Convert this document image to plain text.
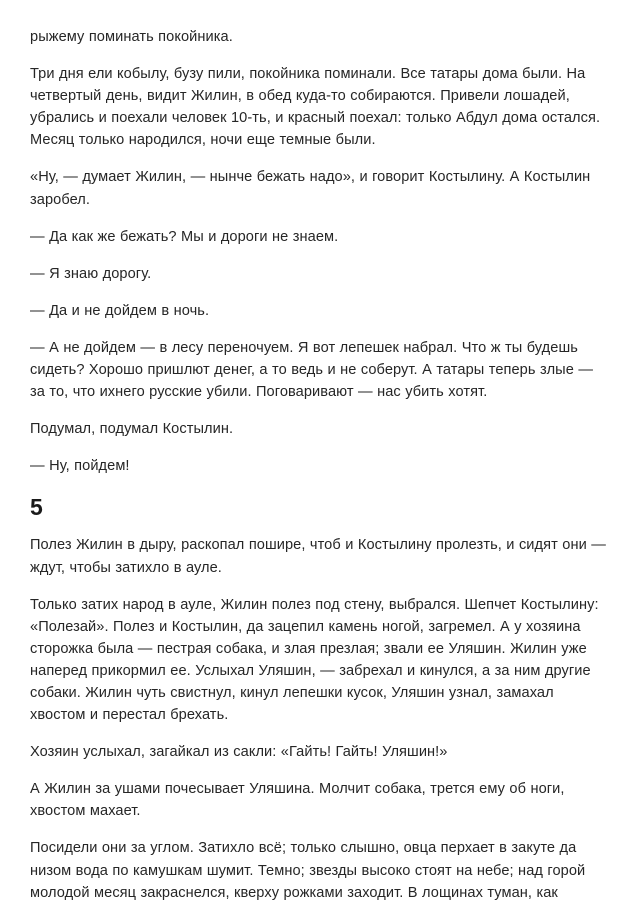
рыжему поминать покойника.

Три дня ели кобылу, бузу пили, покойника поминали. Все татары дома были. На четвертый день, видит Жилин, в обед куда-то собираются. Привели лошадей, убрались и поехали человек 10-ть, и красный поехал: только Абдул дома остался. Месяц только народился, ночи еще темные были.

«Ну, — думает Жилин, — нынче бежать надо», и говорит Костылину. А Костылин заробел.

— Да как же бежать? Мы и дороги не знаем.

— Я знаю дорогу.

— Да и не дойдем в ночь.

— А не дойдем — в лесу переночуем. Я вот лепешек набрал. Что ж ты будешь сидеть? Хорошо пришлют денег, а то ведь и не соберут. А татары теперь злые — за то, что ихнего русские убили. Поговаривают — нас убить хотят.

Подумал, подумал Костылин.

— Ну, пойдем!

5

Полез Жилин в дыру, раскопал пошире, чтоб и Костылину пролезть, и сидят они — ждут, чтобы затихло в ауле.

Только затих народ в ауле, Жилин полез под стену, выбрался. Шепчет Костылину: «Полезай». Полез и Костылин, да зацепил камень ногой, загремел. А у хозяина сторожка была — пестрая собака, и злая презлая; звали ее Уляшин. Жилин уже наперед прикормил ее. Услыхал Уляшин, — забрехал и кинулся, а за ним другие собаки. Жилин чуть свистнул, кинул лепешки кусок, Уляшин узнал, замахал хвостом и перестал брехать.

Хозяин услыхал, загайкал из сакли: «Гайть! Гайть! Уляшин!»

А Жилин за ушами почесывает Уляшина. Молчит собака, трется ему об ноги, хвостом махает.

Посидели они за углом. Затихло всё; только слышно, овца перхает в закуте да низом вода по камушкам шумит. Темно; звезды высоко стоят на небе; над горой молодой месяц закраснелся, кверху рожками заходит. В лощинах туман, как
